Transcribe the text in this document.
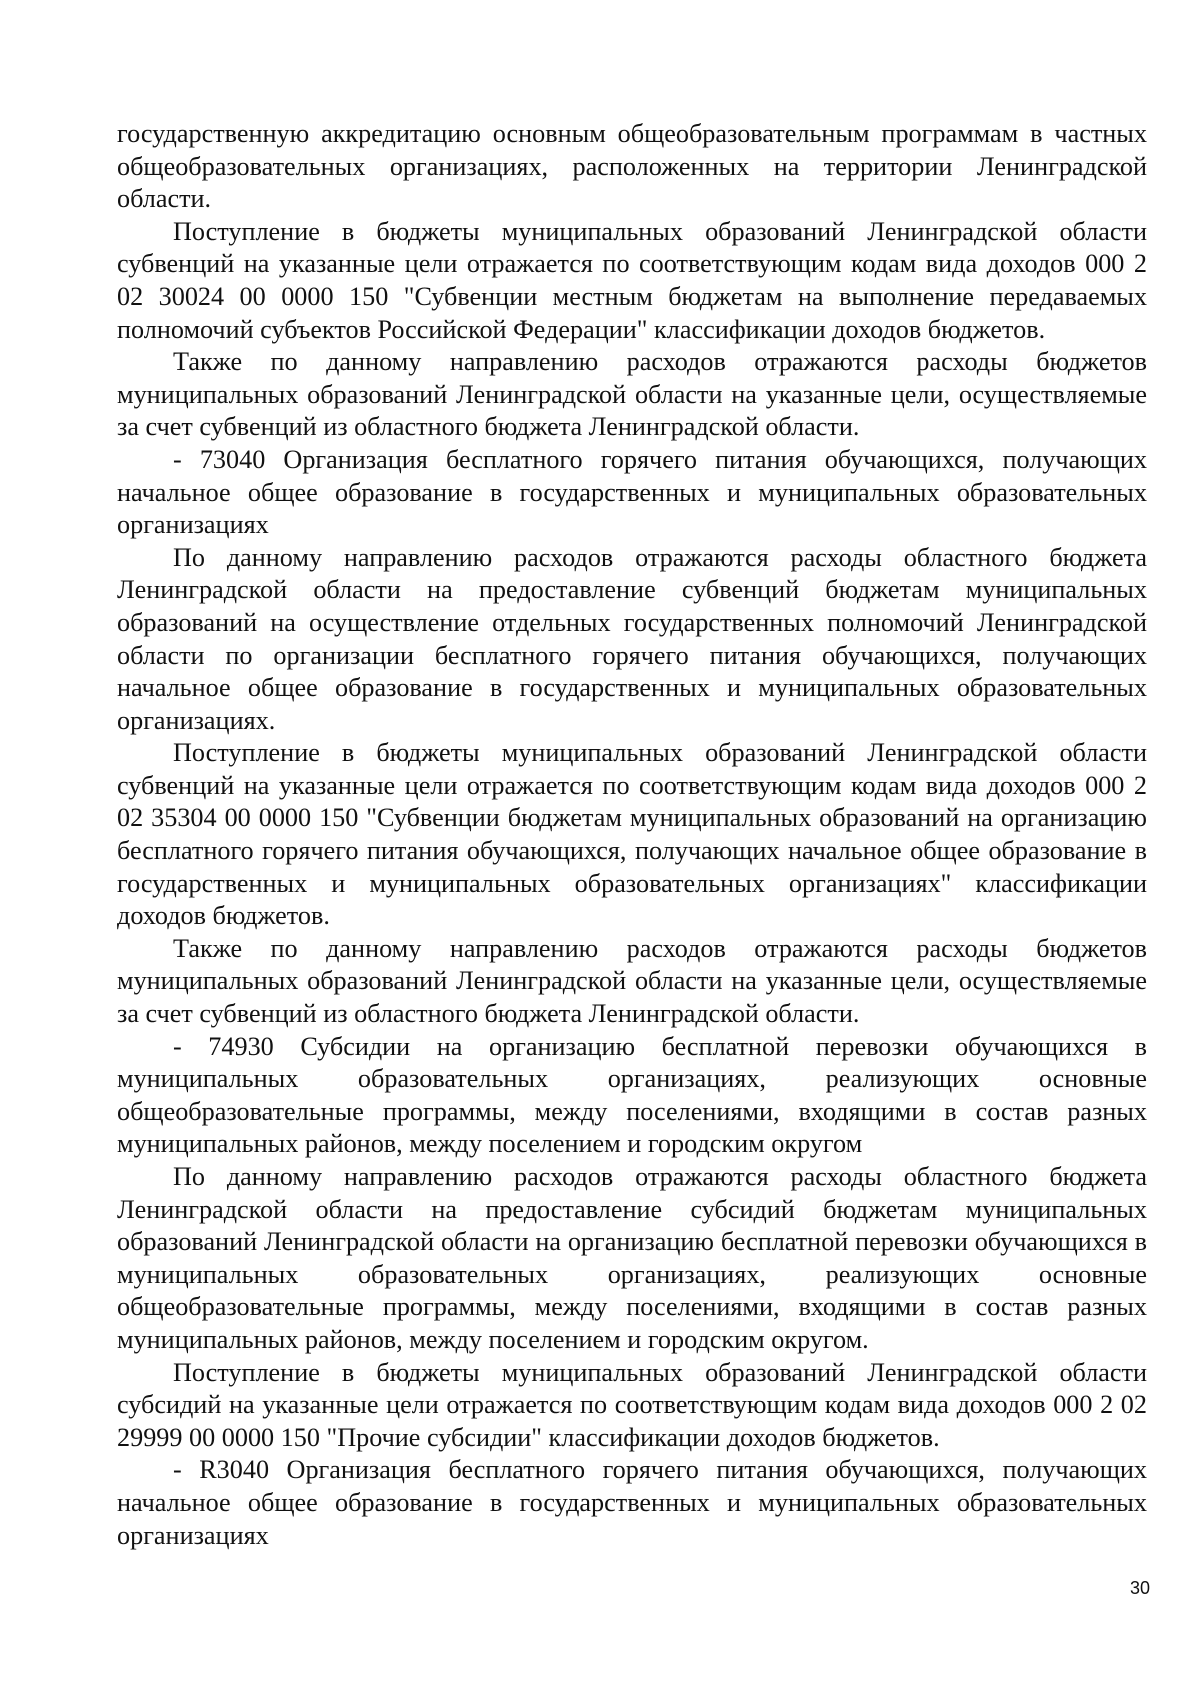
государственную аккредитацию основным общеобразовательным программам в частных общеобразовательных организациях, расположенных на территории Ленинградской области.

Поступление в бюджеты муниципальных образований Ленинградской области субвенций на указанные цели отражается по соответствующим кодам вида доходов 000 2 02 30024 00 0000 150 "Субвенции местным бюджетам на выполнение передаваемых полномочий субъектов Российской Федерации" классификации доходов бюджетов.

Также по данному направлению расходов отражаются расходы бюджетов муниципальных образований Ленинградской области на указанные цели, осуществляемые за счет субвенций из областного бюджета Ленинградской области.

- 73040 Организация бесплатного горячего питания обучающихся, получающих начальное общее образование в государственных и муниципальных образовательных организациях

По данному направлению расходов отражаются расходы областного бюджета Ленинградской области на предоставление субвенций бюджетам муниципальных образований на осуществление отдельных государственных полномочий Ленинградской области по организации бесплатного горячего питания обучающихся, получающих начальное общее образование в государственных и муниципальных образовательных организациях.

Поступление в бюджеты муниципальных образований Ленинградской области субвенций на указанные цели отражается по соответствующим кодам вида доходов 000 2 02 35304 00 0000 150 "Субвенции бюджетам муниципальных образований на организацию бесплатного горячего питания обучающихся, получающих начальное общее образование в государственных и муниципальных образовательных организациях" классификации доходов бюджетов.

Также по данному направлению расходов отражаются расходы бюджетов муниципальных образований Ленинградской области на указанные цели, осуществляемые за счет субвенций из областного бюджета Ленинградской области.

- 74930 Субсидии на организацию бесплатной перевозки обучающихся в муниципальных образовательных организациях, реализующих основные общеобразовательные программы, между поселениями, входящими в состав разных муниципальных районов, между поселением и городским округом

По данному направлению расходов отражаются расходы областного бюджета Ленинградской области на предоставление субсидий бюджетам муниципальных образований Ленинградской области на организацию бесплатной перевозки обучающихся в муниципальных образовательных организациях, реализующих основные общеобразовательные программы, между поселениями, входящими в состав разных муниципальных районов, между поселением и городским округом.

Поступление в бюджеты муниципальных образований Ленинградской области субсидий на указанные цели отражается по соответствующим кодам вида доходов 000 2 02 29999 00 0000 150 "Прочие субсидии" классификации доходов бюджетов.

- R3040 Организация бесплатного горячего питания обучающихся, получающих начальное общее образование в государственных и муниципальных образовательных организациях

30
